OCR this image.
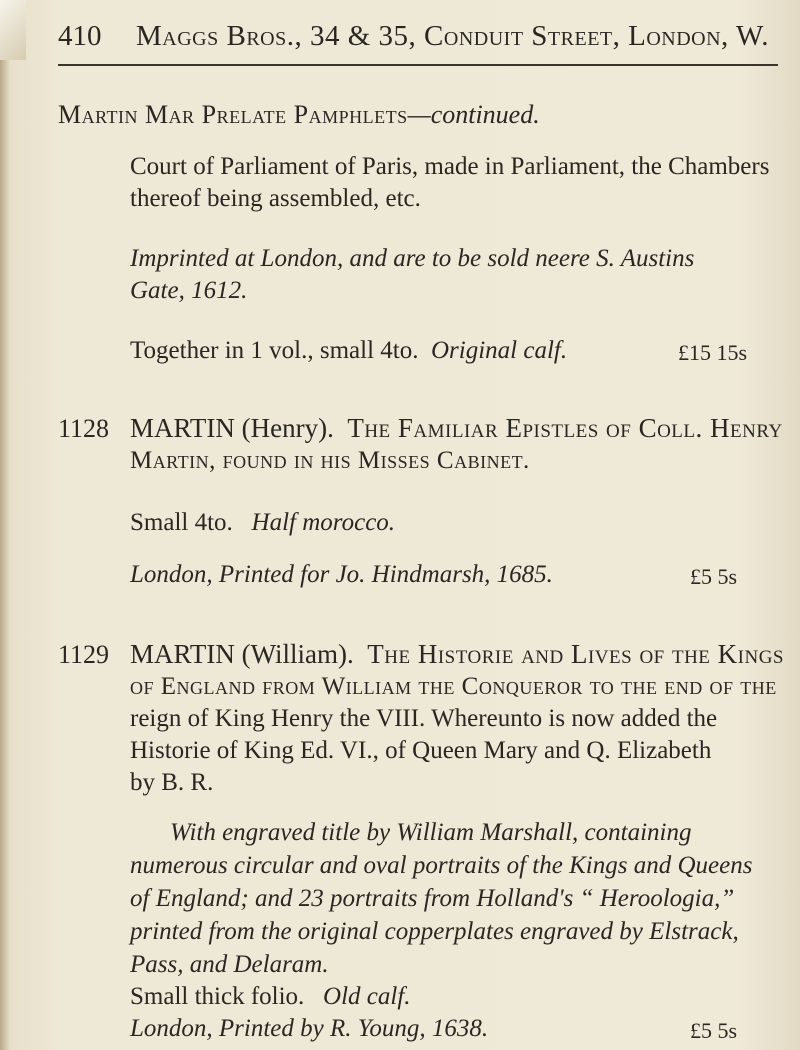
410 Maggs Bros., 34 & 35, Conduit Street, London, W.
Martin Mar Prelate Pamphlets—continued.
Court of Parliament of Paris, made in Parliament, the Chambers
thereof being assembled, etc.
Imprinted at London, and are to be sold neere S. Austins
Gate, 1612.
Together in 1 vol., small 4to. Original calf.	£15 15s
1128 MARTIN (Henry). The Familiar Epistles of Coll. Henry
Martin, found in his Misses Cabinet.
Small 4to. Half morocco.
London, Printed for Jo. Hindmarsh, 1685.	£5 5s
1129 MARTIN (William). The Historie and Lives of the Kings
of England from William the Conqueror to the end of the
reign of King Henry the VIII. Whereunto is now added the
Historie of King Ed. VI., of Queen Mary and Q. Elizabeth
by B. R.
With engraved title by William Marshall, containing
numerous circular and oval portraits of the Kings and Queens
of England; and 23 portraits from Holland's “ Heroologia,”
printed from the original copperplates engraved by Elstrack,
Pass, and Delaram.
Small thick folio. Old calf.
London, Printed by R. Young, 1638.	£5 5s
